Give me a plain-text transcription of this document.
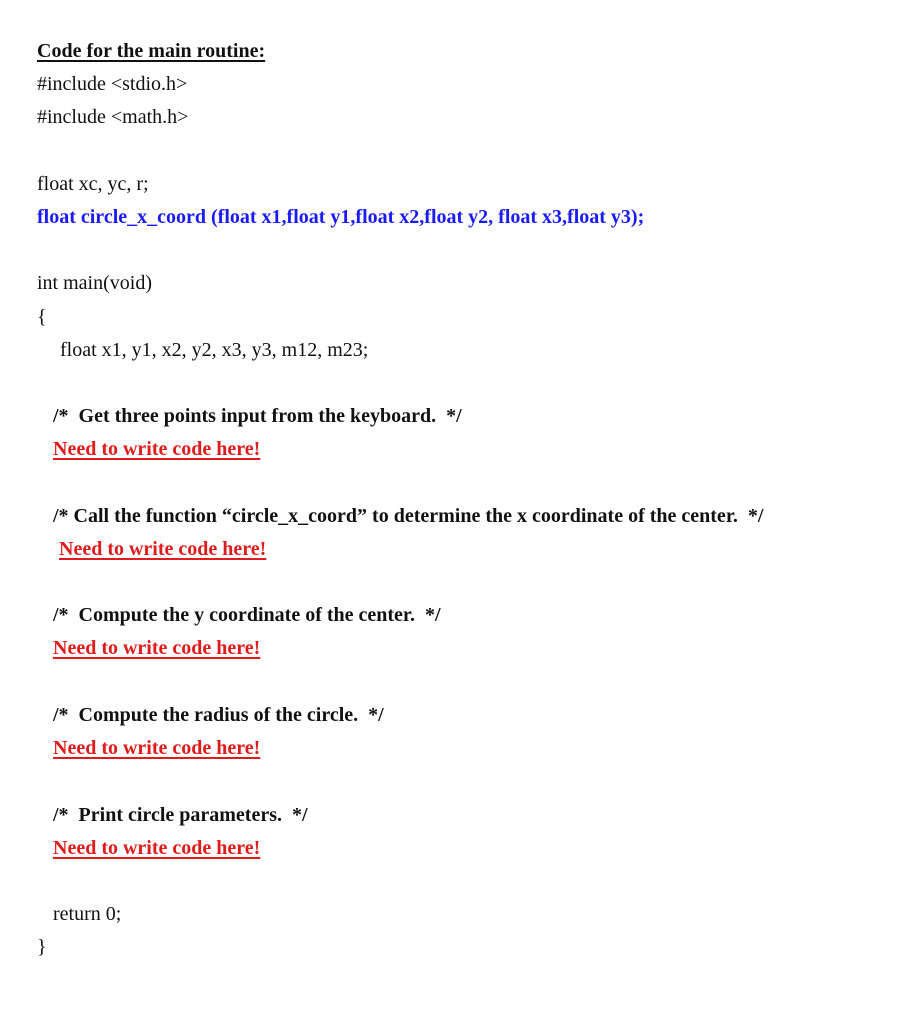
Code for the main routine:
#include <stdio.h>
#include <math.h>
float xc, yc, r;
float circle_x_coord (float x1,float y1,float x2,float y2, float x3,float y3);
int main(void)
{
float x1, y1, x2, y2, x3, y3, m12, m23;
/*  Get three points input from the keyboard.  */
Need to write code here!
/* Call the function “circle_x_coord” to determine the x coordinate of the center.  */
Need to write code here!
/*  Compute the y coordinate of the center.  */
Need to write code here!
/*  Compute the radius of the circle.  */
Need to write code here!
/*  Print circle parameters.  */
Need to write code here!
return 0;
}
